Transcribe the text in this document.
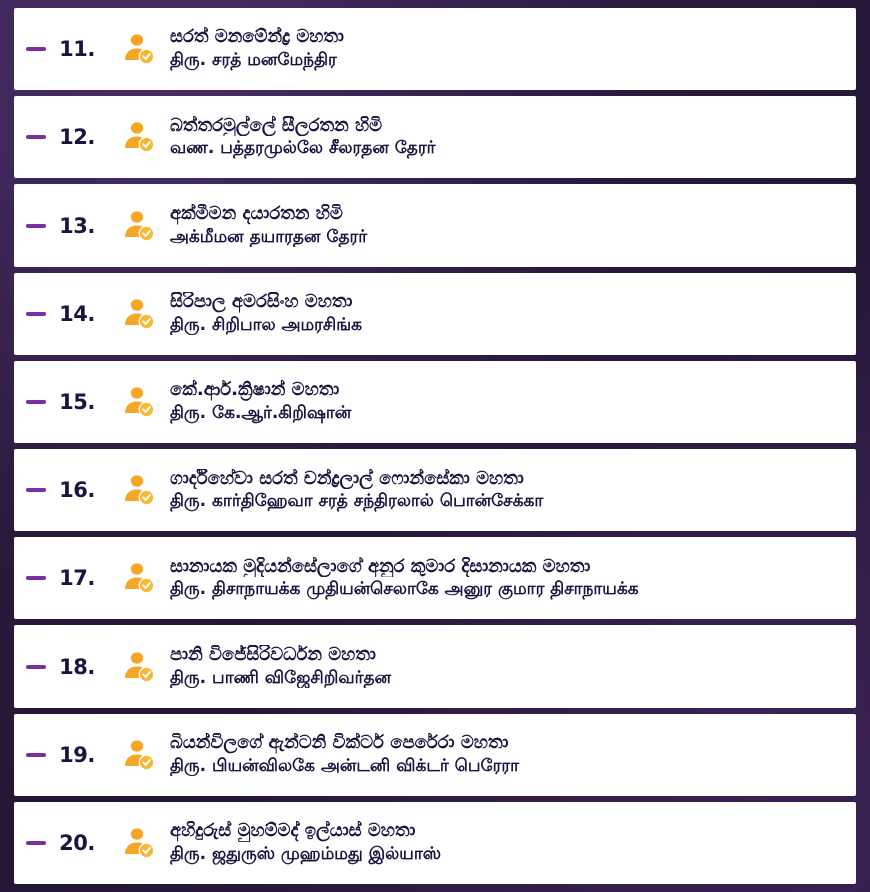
11.
සරත් මනමේන්ද්‍ර මහතා
திரு. சரத் மனமேந்திர
12.
බත්තරමුල්ලේ සීලරතන හිමි
வண. பத்தரமுல்லே சீலரதன தேரர்
13.
අක්මීමන දයාරතන හිමි
அக்மீமன தயாரதன தேரர்
14.
සිරිපාල අමරසිංහ මහතා
திரு. சிறிபால அமரசிங்க
15.
කේ.ආර්.ක්‍රිෂාන් මහතා
திரு. கே.ஆர்.கிறிஷான்
16.
ගාර්දිහේවා සරත් චන්ද්‍රලාල් ෆොන්සේකා මහතා
திரு. கார்திஹேவா சரத் சந்திரலால் பொன்சேக்கா
17.
සානායක මුදියන්සේලාගේ අනුර කුමාර දිසානායක මහතා
திரு. திசாநாயக்க முதியன்செலாகே அனுர குமார திசாநாயக்க
18.
පානි විජේසිරිවර්ධන මහතා
திரு. பாணி விஜேசிறிவர்தன
19.
බියන්විලගේ ඇන්ටනි වික්ටර් පෙරේරා මහතා
திரு. பியன்விலகே அன்டனி விக்டர் பெரேரா
20.
අහිදුරුස් මුහම්මද් ඉල්යාස් මහතා
திரு. ஜதுருஸ் முஹம்மது இல்யாஸ்
